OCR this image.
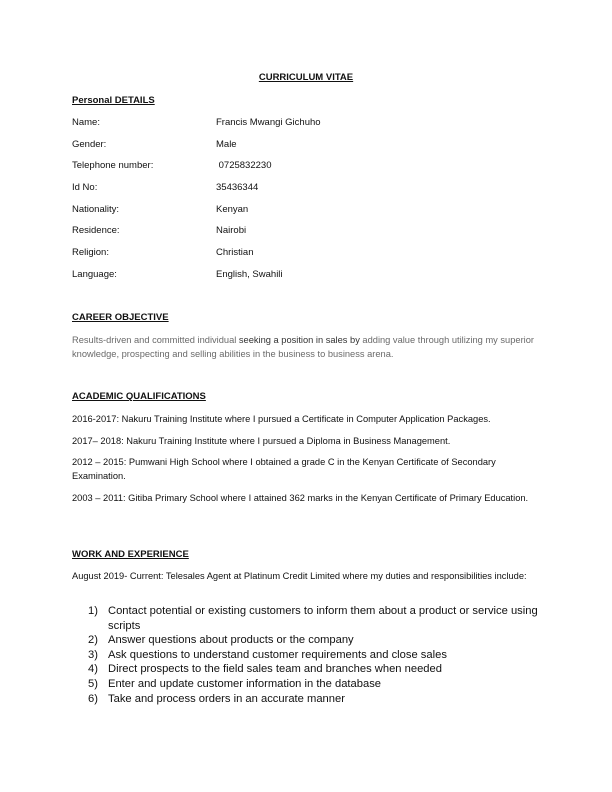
CURRICULUM VITAE
Personal DETAILS
Name:	Francis Mwangi Gichuho
Gender:	Male
Telephone number:	0725832230
Id No:	35436344
Nationality:	Kenyan
Residence:	Nairobi
Religion:	Christian
Language:	English, Swahili
CAREER OBJECTIVE
Results-driven and committed individual seeking a position in sales by adding value through utilizing my superior knowledge, prospecting and selling abilities in the business to business arena.
ACADEMIC QUALIFICATIONS
2016-2017: Nakuru Training Institute where I pursued a Certificate in Computer Application Packages.
2017– 2018: Nakuru Training Institute where I pursued a Diploma in Business Management.
2012 – 2015: Pumwani High School where I obtained a grade C in the Kenyan Certificate of Secondary Examination.
2003 – 2011: Gitiba Primary School where I attained 362 marks in the Kenyan Certificate of Primary Education.
WORK AND EXPERIENCE
August 2019- Current: Telesales Agent at Platinum Credit Limited where my duties and responsibilities include:
1) Contact potential or existing customers to inform them about a product or service using scripts
2) Answer questions about products or the company
3) Ask questions to understand customer requirements and close sales
4) Direct prospects to the field sales team and branches when needed
5) Enter and update customer information in the database
6) Take and process orders in an accurate manner
